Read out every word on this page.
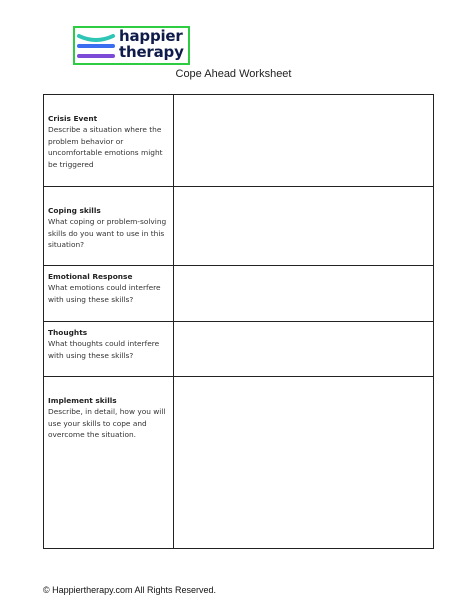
happier
therapy
Cope Ahead Worksheet
Crisis Event
Describe a situation where the problem behavior or uncomfortable emotions might be triggered	

Coping skills
What coping or problem-solving skills do you want to use in this situation?	

Emotional Response
What emotions could interfere with using these skills?	

Thoughts
What thoughts could interfere with using these skills?	

Implement skills
Describe, in detail, how you will use your skills to cope and overcome the situation.	

© Happiertherapy.com All Rights Reserved.
